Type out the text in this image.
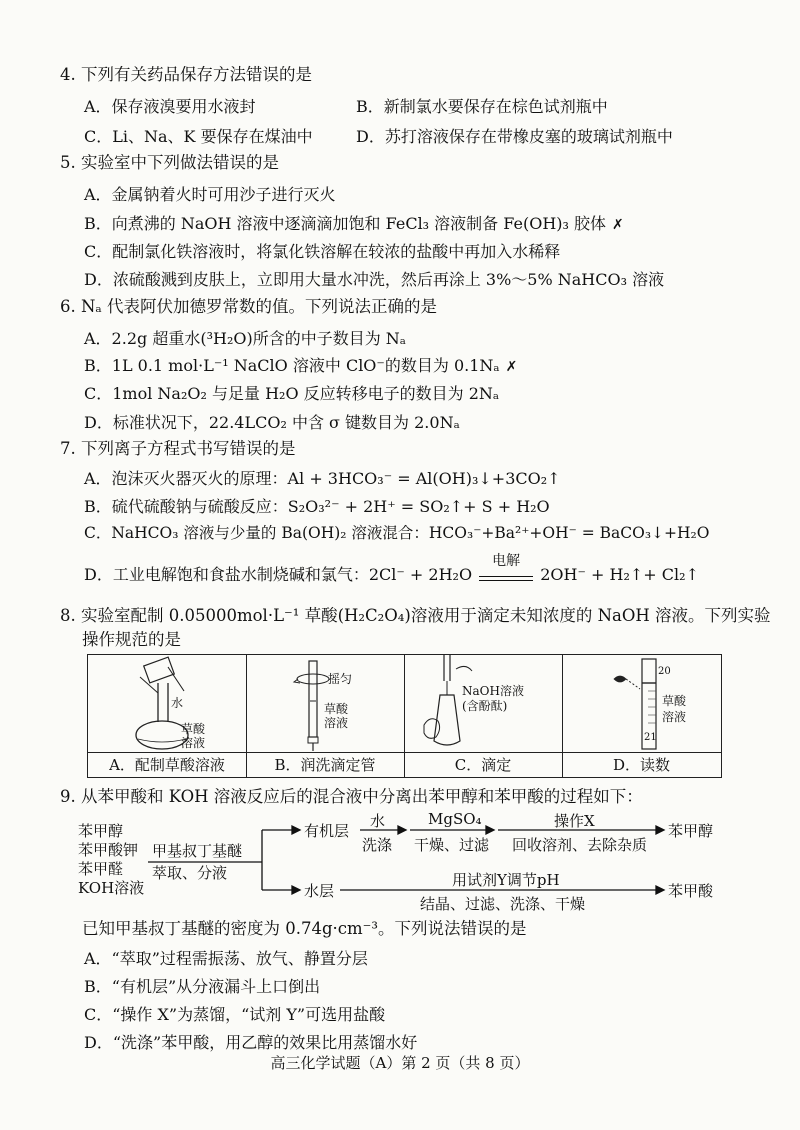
4. 下列有关药品保存方法错误的是
A．保存液溴要用水液封	B．新制氯水要保存在棕色试剂瓶中
C．Li、Na、K 要保存在煤油中	D．苏打溶液保存在带橡皮塞的玻璃试剂瓶中
5. 实验室中下列做法错误的是
A．金属钠着火时可用沙子进行灭火
B．向煮沸的 NaOH 溶液中逐滴滴加饱和 FeCl₃ 溶液制备 Fe(OH)₃ 胶体 ✗
C．配制氯化铁溶液时，将氯化铁溶解在较浓的盐酸中再加入水稀释
D．浓硫酸溅到皮肤上，立即用大量水冲洗，然后再涂上 3%～5% NaHCO₃ 溶液
6. Nₐ 代表阿伏加德罗常数的值。下列说法正确的是
A．2.2g 超重水(³H₂O)所含的中子数目为 Nₐ
B．1L 0.1 mol·L⁻¹ NaClO 溶液中 ClO⁻的数目为 0.1Nₐ ✗
C．1mol Na₂O₂ 与足量 H₂O 反应转移电子的数目为 2Nₐ
D．标准状况下，22.4LCO₂ 中含 σ 键数目为 2.0Nₐ
7. 下列离子方程式书写错误的是
A．泡沫灭火器灭火的原理：Al + 3HCO₃⁻ = Al(OH)₃↓+3CO₂↑
B．硫代硫酸钠与硫酸反应：S₂O₃²⁻ + 2H⁺ = SO₂↑+ S + H₂O
C．NaHCO₃ 溶液与少量的 Ba(OH)₂ 溶液混合：HCO₃⁻+Ba²⁺+OH⁻ = BaCO₃↓+H₂O
D．工业电解饱和食盐水制烧碱和氯气：2Cl⁻ + 2H₂O
电解
2OH⁻ + H₂↑+ Cl₂↑
8. 实验室配制 0.05000mol·L⁻¹ 草酸(H₂C₂O₄)溶液用于滴定未知浓度的 NaOH 溶液。下列实验
操作规范的是
水
草酸
溶液
A．配制草酸溶液
摇匀
草酸
溶液
B．润洗滴定管
NaOH溶液
(含酚酞)
C．滴定
20
21
草酸
溶液
D．读数
9. 从苯甲酸和 KOH 溶液反应后的混合液中分离出苯甲醇和苯甲酸的过程如下：
苯甲醇
苯甲酸钾
苯甲醛
KOH溶液
甲基叔丁基醚
萃取、分液
有机层
水
洗涤
MgSO₄
干燥、过滤
操作X
回收溶剂、去除杂质
苯甲醇
水层
用试剂Y调节pH
结晶、过滤、洗涤、干燥
苯甲酸
已知甲基叔丁基醚的密度为 0.74g·cm⁻³。下列说法错误的是
A．“萃取”过程需振荡、放气、静置分层
B．“有机层”从分液漏斗上口倒出
C．“操作 X”为蒸馏，“试剂 Y”可选用盐酸
D．“洗涤”苯甲酸，用乙醇的效果比用蒸馏水好
高三化学试题（A）第 2 页（共 8 页）
